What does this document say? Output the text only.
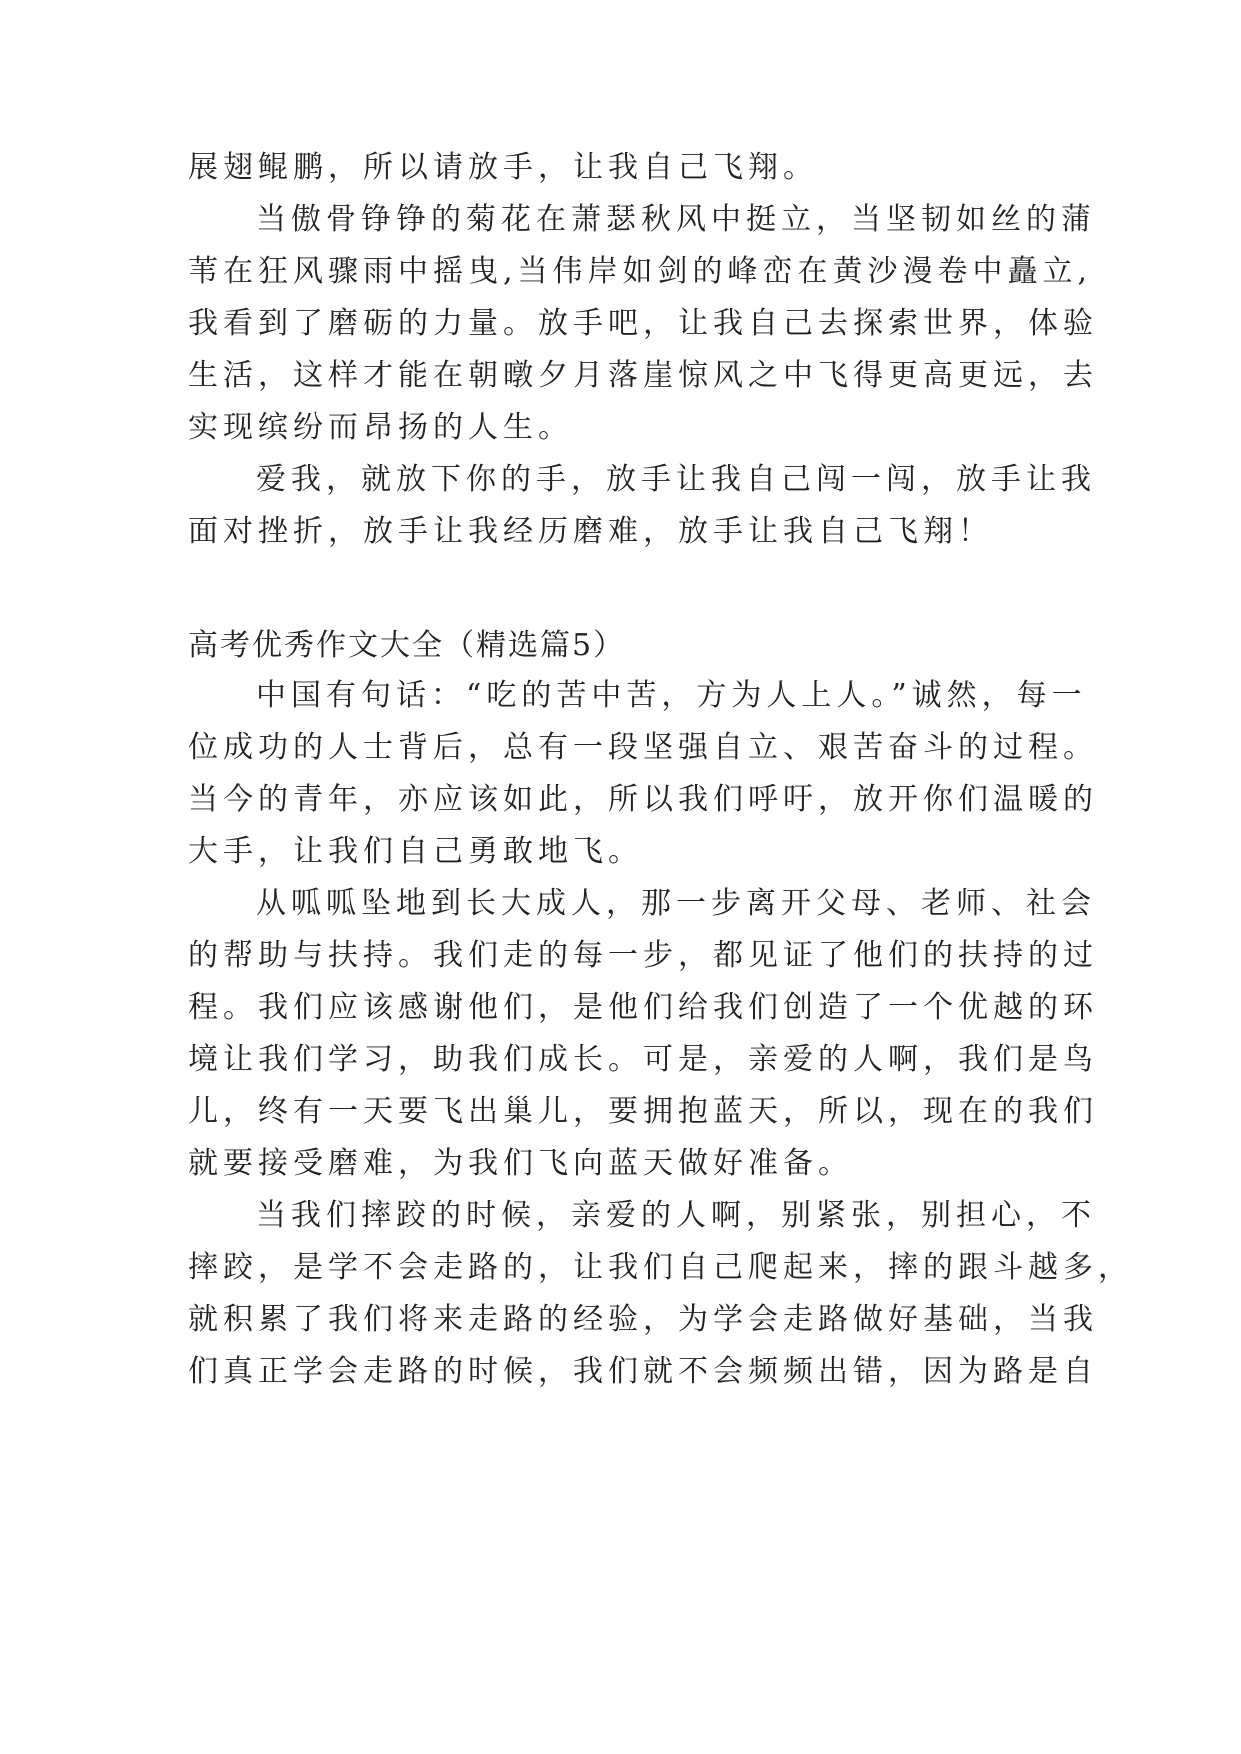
展翅鲲鹏，所以请放手，让我自己飞翔。

当傲骨铮铮的菊花在萧瑟秋风中挺立，当坚韧如丝的蒲

苇在狂风骤雨中摇曳,当伟岸如剑的峰峦在黄沙漫卷中矗立,

我看到了磨砺的力量。放手吧，让我自己去探索世界，体验

生活，这样才能在朝暾夕月落崖惊风之中飞得更高更远，去

实现缤纷而昂扬的人生。

爱我，就放下你的手，放手让我自己闯一闯，放手让我

面对挫折，放手让我经历磨难，放手让我自己飞翔！

高考优秀作文大全（精选篇5）

中国有句话：“吃的苦中苦，方为人上人。”诚然，每一

位成功的人士背后，总有一段坚强自立、艰苦奋斗的过程。

当今的青年，亦应该如此，所以我们呼吁，放开你们温暖的

大手，让我们自己勇敢地飞。

从呱呱坠地到长大成人，那一步离开父母、老师、社会

的帮助与扶持。我们走的每一步，都见证了他们的扶持的过

程。我们应该感谢他们，是他们给我们创造了一个优越的环

境让我们学习，助我们成长。可是，亲爱的人啊，我们是鸟

儿，终有一天要飞出巢儿，要拥抱蓝天，所以，现在的我们

就要接受磨难，为我们飞向蓝天做好准备。

当我们摔跤的时候，亲爱的人啊，别紧张，别担心，不

摔跤，是学不会走路的，让我们自己爬起来，摔的跟斗越多，

就积累了我们将来走路的经验，为学会走路做好基础，当我

们真正学会走路的时候，我们就不会频频出错，因为路是自
